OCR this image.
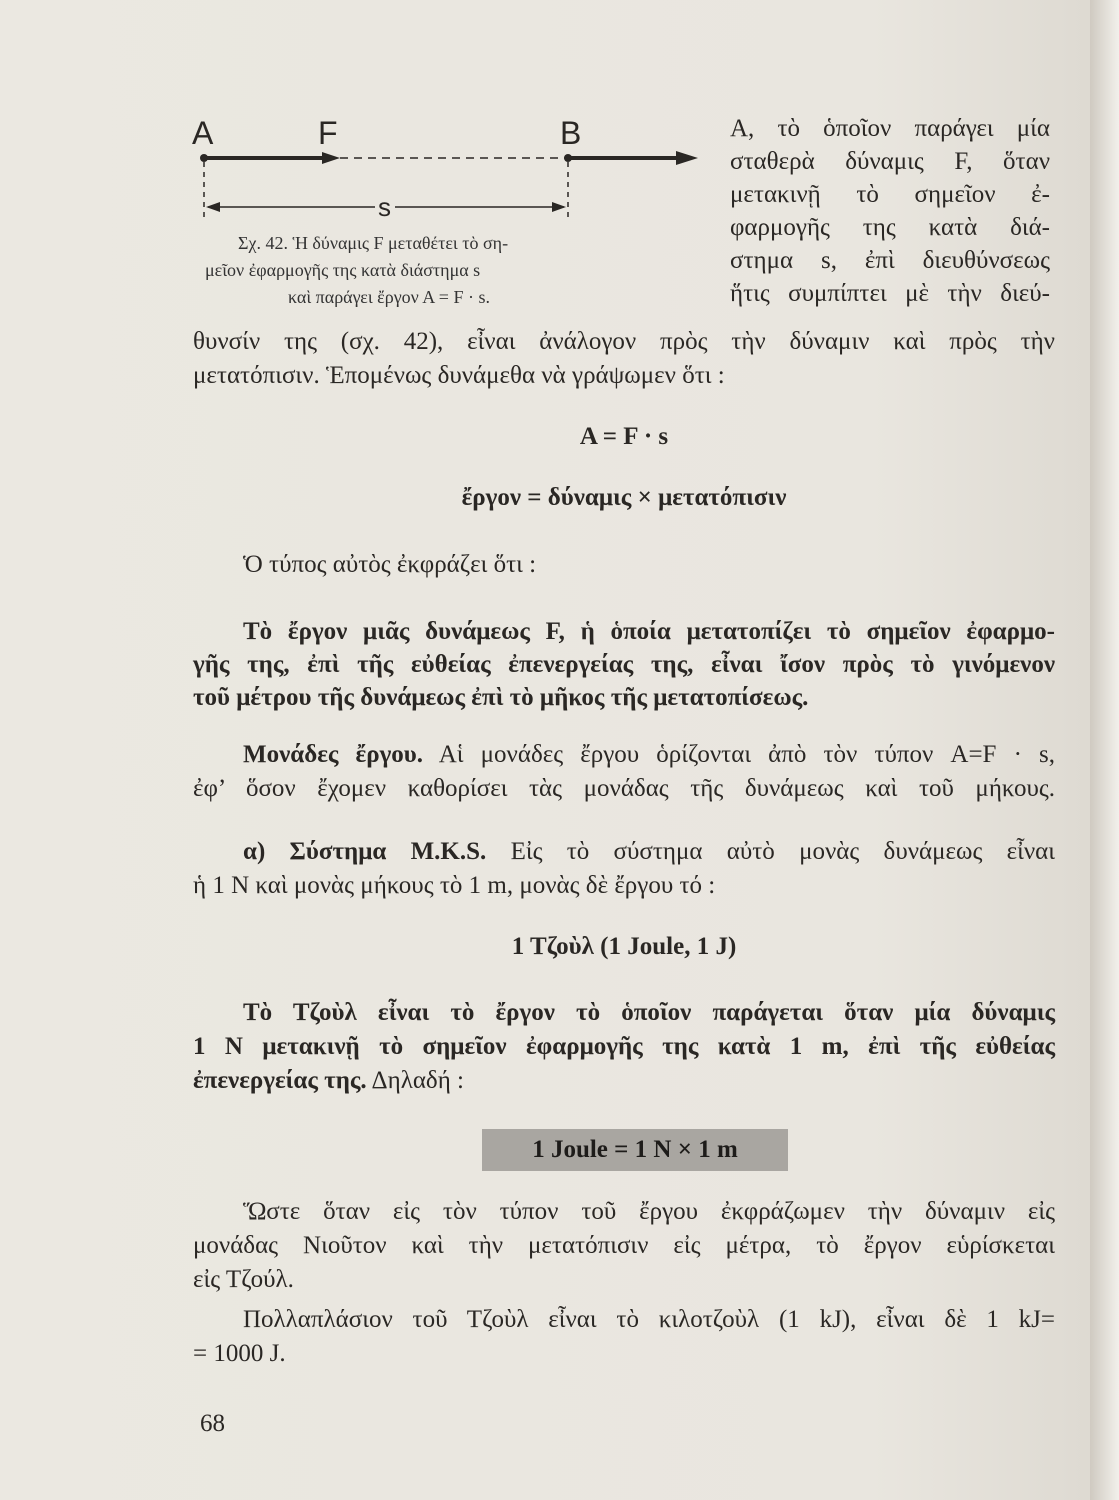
A	F	B
s
Σχ. 42. Ἡ δύναμις F μεταθέτει τὸ ση-
μεῖον ἐφαρμογῆς της κατὰ διάστημα s
καὶ παράγει ἔργον Α = F · s.
Α, τὸ ὁποῖον παράγει μία
σταθερὰ δύναμις F, ὅταν
μετακινῇ τὸ σημεῖον ἐ-
φαρμογῆς της κατὰ διά-
στημα s, ἐπὶ διευθύνσεως
ἥτις συμπίπτει μὲ τὴν διεύ-
θυνσίν της (σχ. 42), εἶναι ἀνάλογον πρὸς τὴν δύναμιν καὶ πρὸς τὴν
μετατόπισιν. Ἑπομένως δυνάμεθα νὰ γράψωμεν ὅτι :
A = F · s
ἔργον = δύναμις × μετατόπισιν
Ὁ τύπος αὐτὸς ἐκφράζει ὅτι :
Τὸ ἔργον μιᾶς δυνάμεως F, ἡ ὁποία μετατοπίζει τὸ σημεῖον ἐφαρμο-
γῆς της, ἐπὶ τῆς εὐθείας ἐπενεργείας της, εἶναι ἴσον πρὸς τὸ γινόμενον
τοῦ μέτρου τῆς δυνάμεως ἐπὶ τὸ μῆκος τῆς μετατοπίσεως.
Μονάδες ἔργου. Αἱ μονάδες ἔργου ὁρίζονται ἀπὸ τὸν τύπον A=F · s,
ἐφ’ ὅσον ἔχομεν καθορίσει τὰς μονάδας τῆς δυνάμεως καὶ τοῦ μήκους.
α) Σύστημα M.K.S. Εἰς τὸ σύστημα αὐτὸ μονὰς δυνάμεως εἶναι
ἡ 1 N καὶ μονὰς μήκους τὸ 1 m, μονὰς δὲ ἔργου τό :
1 Τζοὺλ (1 Joule, 1 J)
Τὸ Τζοὺλ εἶναι τὸ ἔργον τὸ ὁποῖον παράγεται ὅταν μία δύναμις
1 N μετακινῇ τὸ σημεῖον ἐφαρμογῆς της κατὰ 1 m, ἐπὶ τῆς εὐθείας
ἐπενεργείας της. Δηλαδή :
1 Joule = 1 N × 1 m
Ὥστε ὅταν εἰς τὸν τύπον τοῦ ἔργου ἐκφράζωμεν τὴν δύναμιν εἰς
μονάδας Νιοῦτον καὶ τὴν μετατόπισιν εἰς μέτρα, τὸ ἔργον εὑρίσκεται
εἰς Τζούλ.
Πολλαπλάσιον τοῦ Τζοὺλ εἶναι τὸ κιλοτζοὺλ (1 kJ), εἶναι δὲ 1 kJ=
= 1000 J.
68
